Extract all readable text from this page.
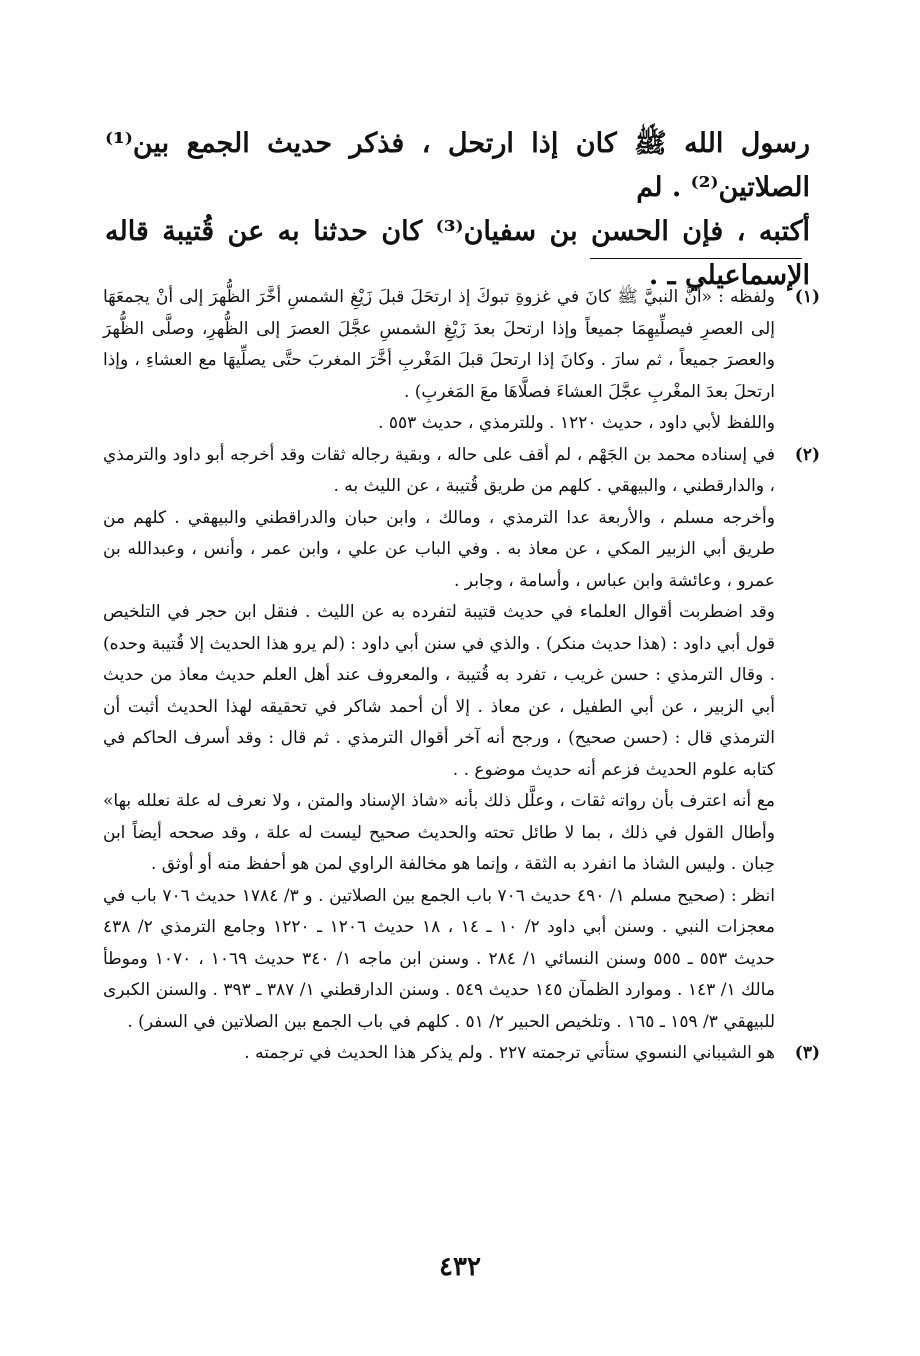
رسول الله ﷺ كان إذا ارتحل ، فذكر حديث الجمع بين⁽¹⁾ الصلاتين⁽²⁾ . لم

أكتبه ، فإن الحسن بن سفيان⁽³⁾ كان حدثنا به عن قُتيبة قاله الإسماعيلي ـ .

(١)

ولفظه : «أنَّ النبيَّ ﷺ كانَ في غزوةِ تبوكَ إذ ارتحَلَ قبلَ زَيْغِ الشمسِ أخَّرَ الظُّهرَ إلى أنْ يجمعَهَا إلى العصرِ فيصلِّيهِمَا جميعاً وإذا ارتحلَ بعدَ زَيْغِ الشمسِ عجَّلَ العصرَ إلى الظُّهرِ، وصلَّى الظُّهرَ والعصرَ جميعاً ، ثم سارَ . وكانَ إذا ارتحلَ قبلَ المَغْربِ أخَّرَ المغربَ حتَّى يصلِّيهَا مع العشاءِ ، وإذا ارتحلَ بعدَ المغْربِ عجَّلَ العشاءَ فصلَّاهَا معَ المَغربِ) .

واللفظ لأبي داود ، حديث ١٢٢٠ . وللترمذي ، حديث ٥٥٣ .

(٢)

في إسناده محمد بن الجَهْم ، لم أقف على حاله ، وبقية رجاله ثقات وقد أخرجه أبو داود والترمذي ، والدارقطني ، والبيهقي . كلهم من طريق قُتيبة ، عن الليث به .

وأخرجه مسلم ، والأربعة عدا الترمذي ، ومالك ، وابن حبان والدراقطني والبيهقي . كلهم من طريق أبي الزبير المكي ، عن معاذ به . وفي الباب عن علي ، وابن عمر ، وأنس ، وعبدالله بن عمرو ، وعائشة وابن عباس ، وأسامة ، وجابر .

وقد اضطربت أقوال العلماء في حديث قتيبة لتفرده به عن الليث . فنقل ابن حجر في التلخيص قول أبي داود : (هذا حديث منكر) . والذي في سنن أبي داود : (لم يرو هذا الحديث إلا قُتيبة وحده) . وقال الترمذي : حسن غريب ، تفرد به قُتيبة ، والمعروف عند أهل العلم حديث معاذ من حديث أبي الزبير ، عن أبي الطفيل ، عن معاذ . إلا أن أحمد شاكر في تحقيقه لهذا الحديث أثبت أن الترمذي قال : (حسن صحيح) ، ورجح أنه آخر أقوال الترمذي . ثم قال : وقد أسرف الحاكم في كتابه علوم الحديث فزعم أنه حديث موضوع . .

مع أنه اعترف بأن رواته ثقات ، وعلَّل ذلك بأنه «شاذ الإسناد والمتن ، ولا نعرف له علة نعلله بها» وأطال القول في ذلك ، بما لا طائل تحته والحديث صحيح ليست له علة ، وقد صححه أيضاً ابن حِبان . وليس الشاذ ما انفرد به الثقة ، وإنما هو مخالفة الراوي لمن هو أحفظ منه أو أوثق .

انظر : (صحيح مسلم ١/ ٤٩٠ حديث ٧٠٦ باب الجمع بين الصلاتين . و ٣/ ١٧٨٤ حديث ٧٠٦ باب في معجزات النبي . وسنن أبي داود ٢/ ١٠ ـ ١٤ ، ١٨ حديث ١٢٠٦ ـ ١٢٢٠ وجامع الترمذي ٢/ ٤٣٨ حديث ٥٥٣ ـ ٥٥٥ وسنن النسائي ١/ ٢٨٤ . وسنن ابن ماجه ١/ ٣٤٠ حديث ١٠٦٩ ، ١٠٧٠ وموطأ مالك ١/ ١٤٣ . وموارد الظمآن ١٤٥ حديث ٥٤٩ . وسنن الدارقطني ١/ ٣٨٧ ـ ٣٩٣ . والسنن الكبرى للبيهقي ٣/ ١٥٩ ـ ١٦٥ . وتلخيص الحبير ٢/ ٥١ . كلهم في باب الجمع بين الصلاتين في السفر) .

(٣)

هو الشيباني النسوي ستأتي ترجمته ٢٢٧ . ولم يذكر هذا الحديث في ترجمته .

٤٣٢
